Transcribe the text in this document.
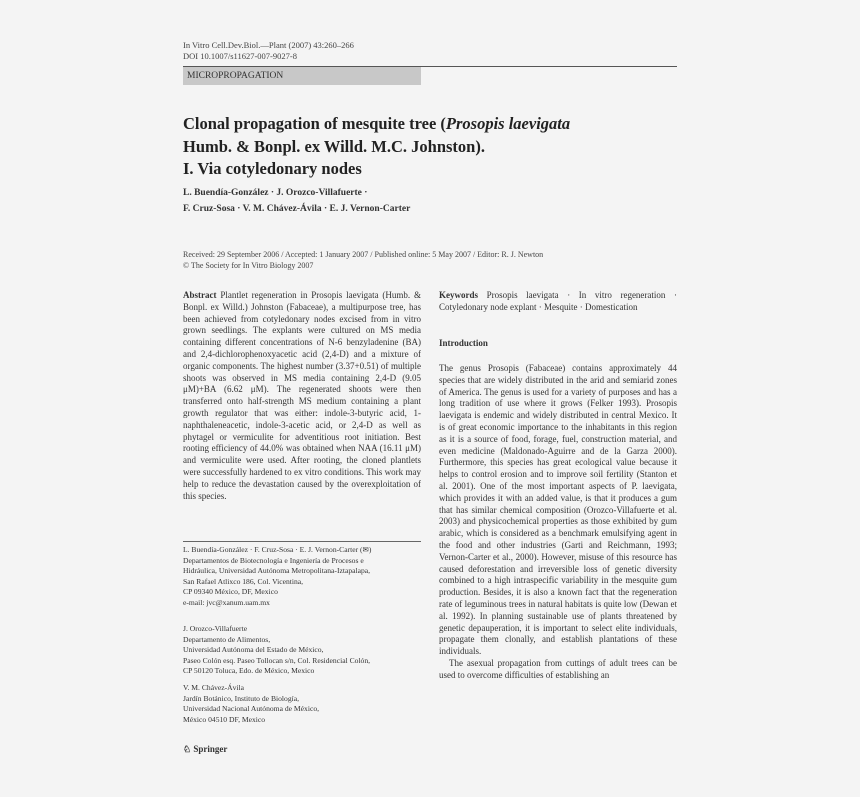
In Vitro Cell.Dev.Biol.—Plant (2007) 43:260–266
DOI 10.1007/s11627-007-9027-8
MICROPROPAGATION
Clonal propagation of mesquite tree (Prosopis laevigata
Humb. & Bonpl. ex Willd. M.C. Johnston).
I. Via cotyledonary nodes
L. Buendía-González · J. Orozco-Villafuerte ·
F. Cruz-Sosa · V. M. Chávez-Ávila · E. J. Vernon-Carter
Received: 29 September 2006 / Accepted: 1 January 2007 / Published online: 5 May 2007 / Editor: R. J. Newton
© The Society for In Vitro Biology 2007
Abstract Plantlet regeneration in Prosopis laevigata (Humb. & Bonpl. ex Willd.) Johnston (Fabaceae), a multipurpose tree, has been achieved from cotyledonary nodes excised from in vitro grown seedlings. The explants were cultured on MS media containing different concentrations of N-6 benzyladenine (BA) and 2,4-dichlorophenoxyacetic acid (2,4-D) and a mixture of organic components. The highest number (3.37+0.51) of multiple shoots was observed in MS media containing 2,4-D (9.05 μM)+BA (6.62 μM). The regenerated shoots were then transferred onto half-strength MS medium containing a plant growth regulator that was either: indole-3-butyric acid, 1-naphthaleneacetic, indole-3-acetic acid, or 2,4-D as well as phytagel or vermiculite for adventitious root initiation. Best rooting efficiency of 44.0% was obtained when NAA (16.11 μM) and vermiculite were used. After rooting, the cloned plantlets were successfully hardened to ex vitro conditions. This work may help to reduce the devastation caused by the overexploitation of this species.
L. Buendía-González · F. Cruz-Sosa · E. J. Vernon-Carter (✉)
Departamentos de Biotecnología e Ingeniería de Procesos e
Hidráulica, Universidad Autónoma Metropolitana-Iztapalapa,
San Rafael Atlixco 186, Col. Vicentina,
CP 09340 México, DF, Mexico
e-mail: jvc@xanum.uam.mx
J. Orozco-Villafuerte
Departamento de Alimentos,
Universidad Autónoma del Estado de México,
Paseo Colón esq. Paseo Tollocan s/n, Col. Residencial Colón,
CP 50120 Toluca, Edo. de México, Mexico
V. M. Chávez-Ávila
Jardín Botánico, Instituto de Biología,
Universidad Nacional Autónoma de México,
México 04510 DF, Mexico
♘ Springer
Keywords Prosopis laevigata · In vitro regeneration · Cotyledonary node explant · Mesquite · Domestication
Introduction

The genus Prosopis (Fabaceae) contains approximately 44 species that are widely distributed in the arid and semiarid zones of America. The genus is used for a variety of purposes and has a long tradition of use where it grows (Felker 1993). Prosopis laevigata is endemic and widely distributed in central Mexico. It is of great economic importance to the inhabitants in this region as it is a source of food, forage, fuel, construction material, and even medicine (Maldonado-Aguirre and de la Garza 2000). Furthermore, this species has great ecological value because it helps to control erosion and to improve soil fertility (Stanton et al. 2001). One of the most important aspects of P. laevigata, which provides it with an added value, is that it produces a gum that has similar chemical composition (Orozco-Villafuerte et al. 2003) and physicochemical properties as those exhibited by gum arabic, which is considered as a benchmark emulsifying agent in the food and other industries (Garti and Reichmann, 1993; Vernon-Carter et al., 2000). However, misuse of this resource has caused deforestation and irreversible loss of genetic diversity combined to a high intraspecific variability in the mesquite gum production. Besides, it is also a known fact that the regeneration rate of leguminous trees in natural habitats is quite low (Dewan et al. 1992). In planning sustainable use of plants threatened by genetic depauperation, it is important to select elite individuals, propagate them clonally, and establish plantations of these individuals.

The asexual propagation from cuttings of adult trees can be used to overcome difficulties of establishing an
